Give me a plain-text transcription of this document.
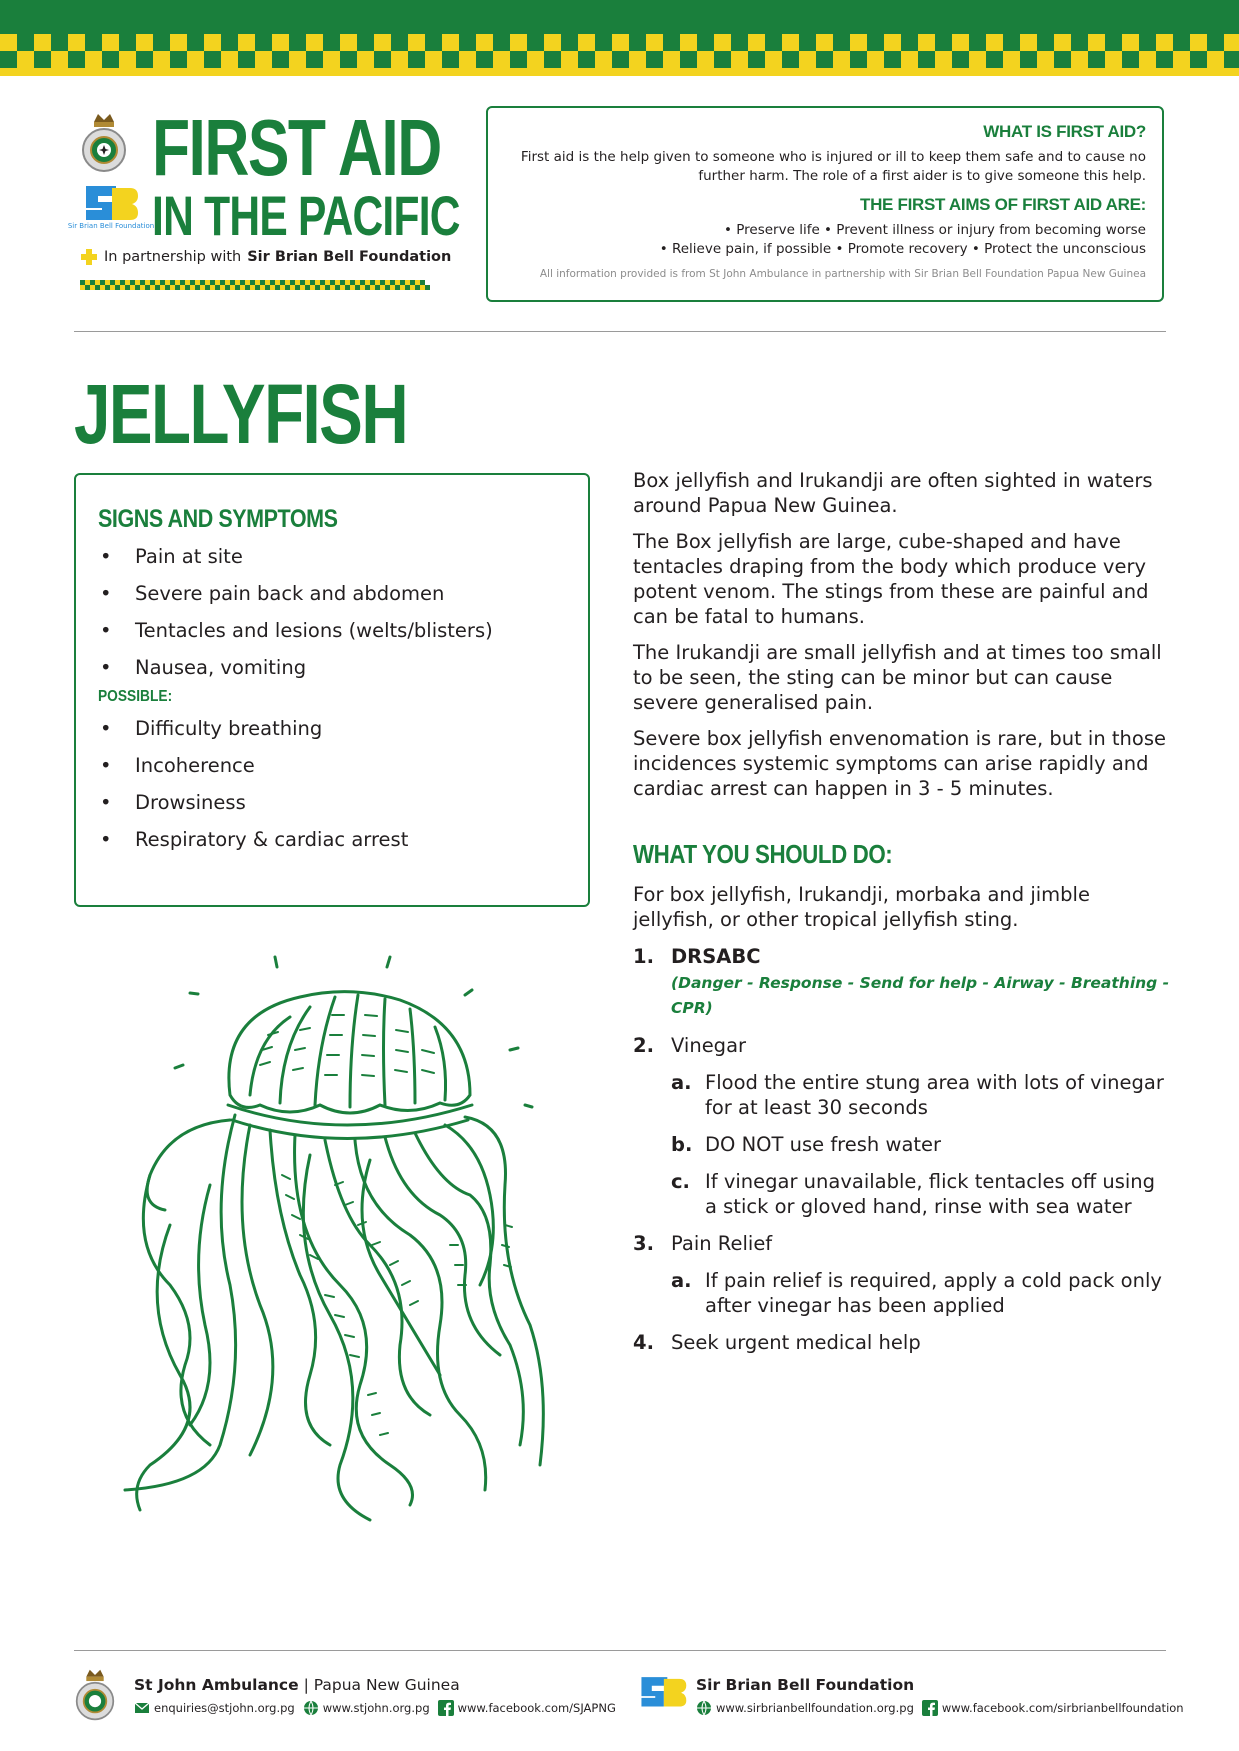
Sir Brian Bell Foundation
FIRST AID
IN THE PACIFIC
In partnership with Sir Brian Bell Foundation
WHAT IS FIRST AID?

First aid is the help given to someone who is injured or ill to keep them safe and to cause no further harm. The role of a first aider is to give someone this help.

THE FIRST AIMS OF FIRST AID ARE:
• Preserve life • Prevent illness or injury from becoming worse
• Relieve pain, if possible • Promote recovery • Protect the unconscious
All information provided is from St John Ambulance in partnership with Sir Brian Bell Foundation Papua New Guinea
JELLYFISH
SIGNS AND SYMPTOMS
• Pain at site
• Severe pain back and abdomen
• Tentacles and lesions (welts/blisters)
• Nausea, vomiting
POSSIBLE:
• Difficulty breathing
• Incoherence
• Drowsiness
• Respiratory & cardiac arrest

Box jellyfish and Irukandji are often sighted in waters around Papua New Guinea.

The Box jellyfish are large, cube-shaped and have tentacles draping from the body which produce very potent venom. The stings from these are painful and can be fatal to humans.

The Irukandji are small jellyfish and at times too small to be seen, the sting can be minor but can cause severe generalised pain.

Severe box jellyfish envenomation is rare, but in those incidences systemic symptoms can arise rapidly and cardiac arrest can happen in 3 - 5 minutes.

WHAT YOU SHOULD DO:

For box jellyfish, Irukandji, morbaka and jimble jellyfish, or other tropical jellyfish sting.

1. DRSABC
(Danger - Response - Send for help - Airway - Breathing - CPR)
2. Vinegar
a. Flood the entire stung area with lots of vinegar for at least 30 seconds
b. DO NOT use fresh water
c. If vinegar unavailable, flick tentacles off using a stick or gloved hand, rinse with sea water
3. Pain Relief
a. If pain relief is required, apply a cold pack only after vinegar has been applied
4. Seek urgent medical help
St John Ambulance | Papua New Guinea
enquiries@stjohn.org.pg www.stjohn.org.pg www.facebook.com/SJAPNG
Sir Brian Bell Foundation
www.sirbrianbellfoundation.org.pg www.facebook.com/sirbrianbellfoundation
